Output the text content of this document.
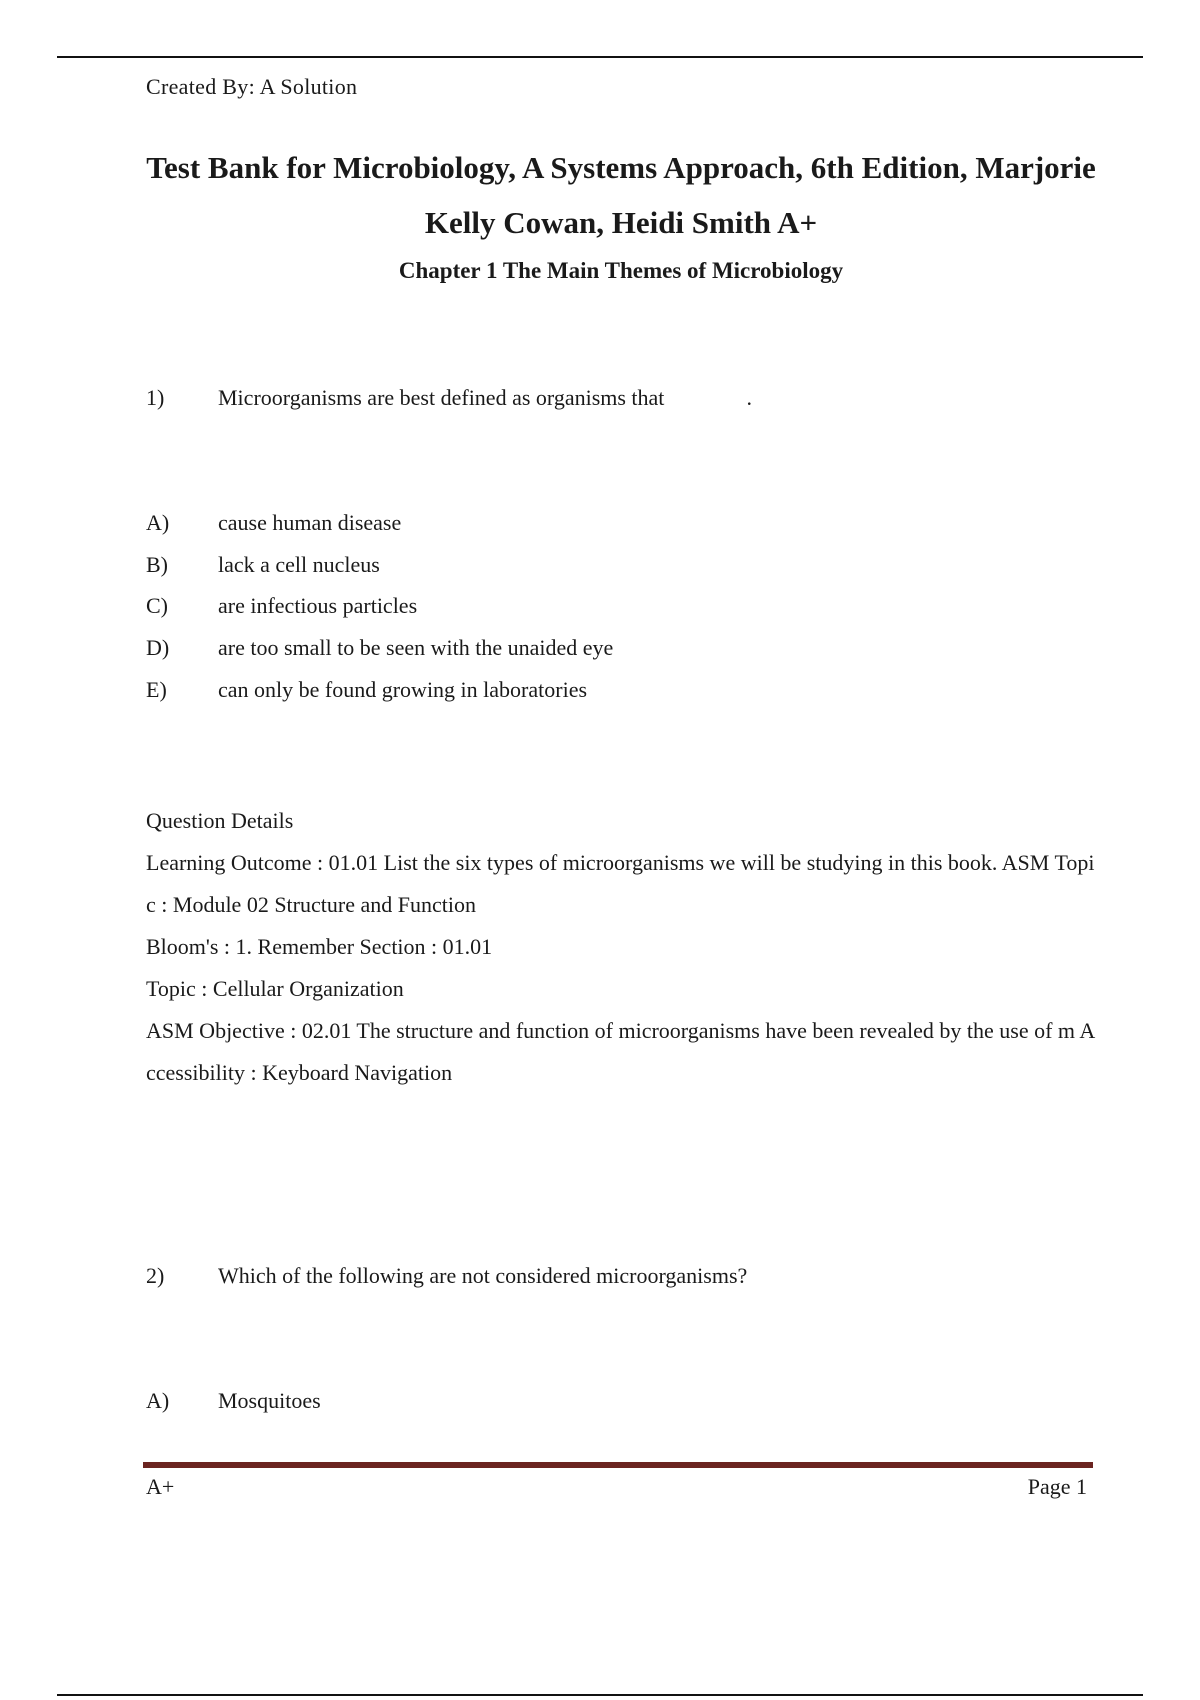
Created By: A Solution
Test Bank for Microbiology, A Systems Approach, 6th Edition, Marjorie Kelly Cowan, Heidi Smith A+
Chapter 1 The Main Themes of Microbiology
1) Microorganisms are best defined as organisms that	.
A) cause human disease
B) lack a cell nucleus
C) are infectious particles
D) are too small to be seen with the unaided eye
E) can only be found growing in laboratories
Question Details
Learning Outcome : 01.01 List the six types of microorganisms we will be studying in this book. ASM Topic : Module 02 Structure and Function
Bloom's : 1. Remember Section : 01.01
Topic : Cellular Organization
ASM Objective : 02.01 The structure and function of microorganisms have been revealed by the use of m Accessibility : Keyboard Navigation
2) Which of the following are not considered microorganisms?
A) Mosquitoes
A+	Page 1
